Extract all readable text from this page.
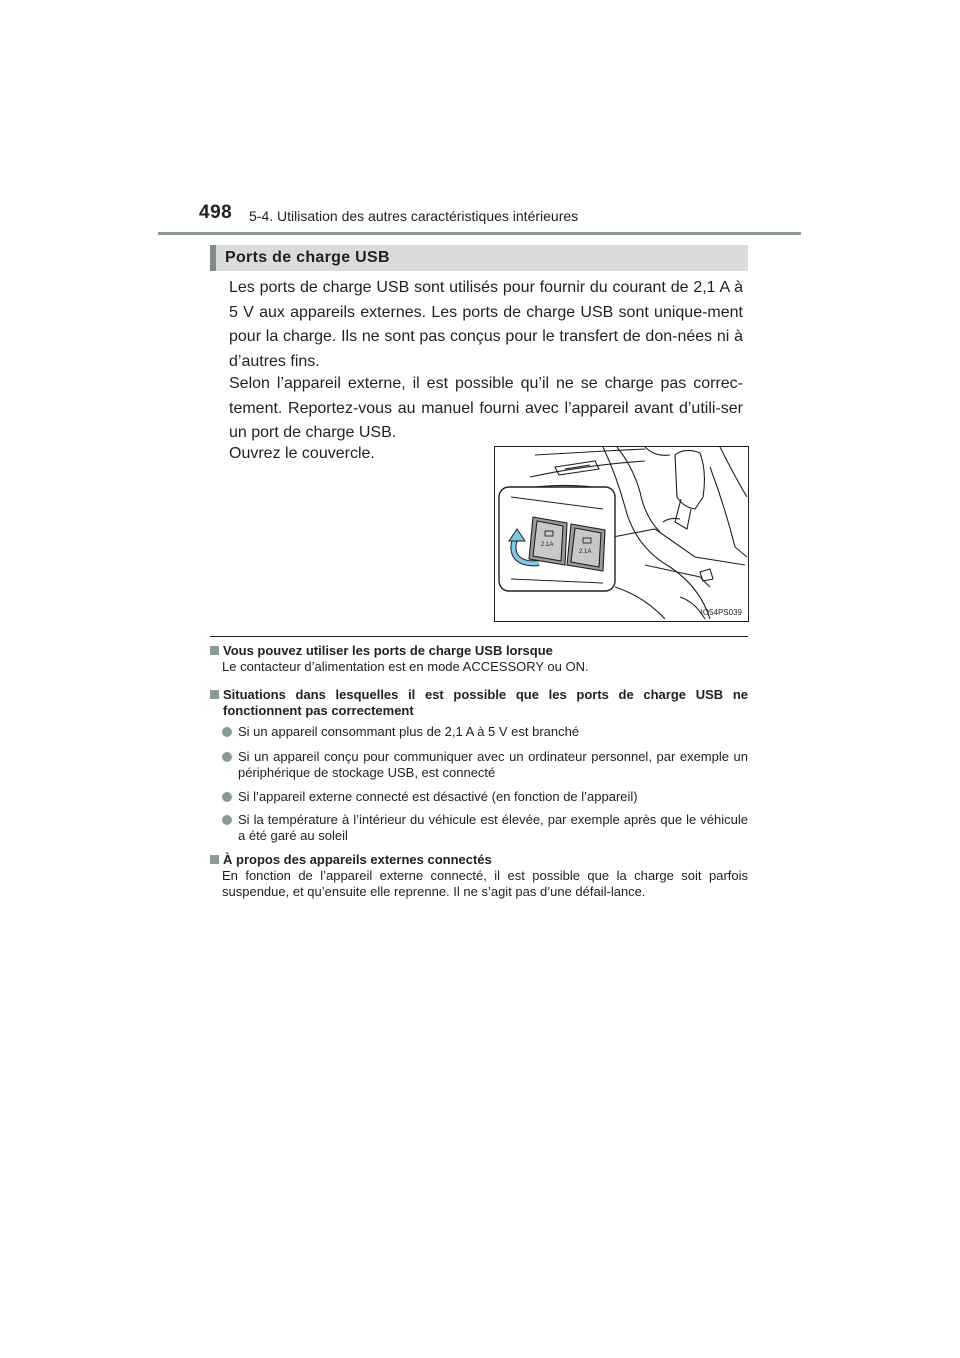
498 5-4. Utilisation des autres caractéristiques intérieures
Ports de charge USB
Les ports de charge USB sont utilisés pour fournir du courant de 2,1 A à 5 V aux appareils externes. Les ports de charge USB sont unique-ment pour la charge. Ils ne sont pas conçus pour le transfert de don-nées ni à d’autres fins.
Selon l’appareil externe, il est possible qu’il ne se charge pas correc-tement. Reportez-vous au manuel fourni avec l’appareil avant d’utili-ser un port de charge USB.
Ouvrez le couvercle.
2.1A
2.1A
IO54PS039
Vous pouvez utiliser les ports de charge USB lorsque
Le contacteur d’alimentation est en mode ACCESSORY ou ON.
Situations dans lesquelles il est possible que les ports de charge USB ne fonctionnent pas correctement
Si un appareil consommant plus de 2,1 A à 5 V est branché
Si un appareil conçu pour communiquer avec un ordinateur personnel, par exemple un périphérique de stockage USB, est connecté
Si l’appareil externe connecté est désactivé (en fonction de l’appareil)
Si la température à l’intérieur du véhicule est élevée, par exemple après que le véhicule a été garé au soleil
À propos des appareils externes connectés
En fonction de l’appareil externe connecté, il est possible que la charge soit parfois suspendue, et qu’ensuite elle reprenne. Il ne s’agit pas d’une défail-lance.
